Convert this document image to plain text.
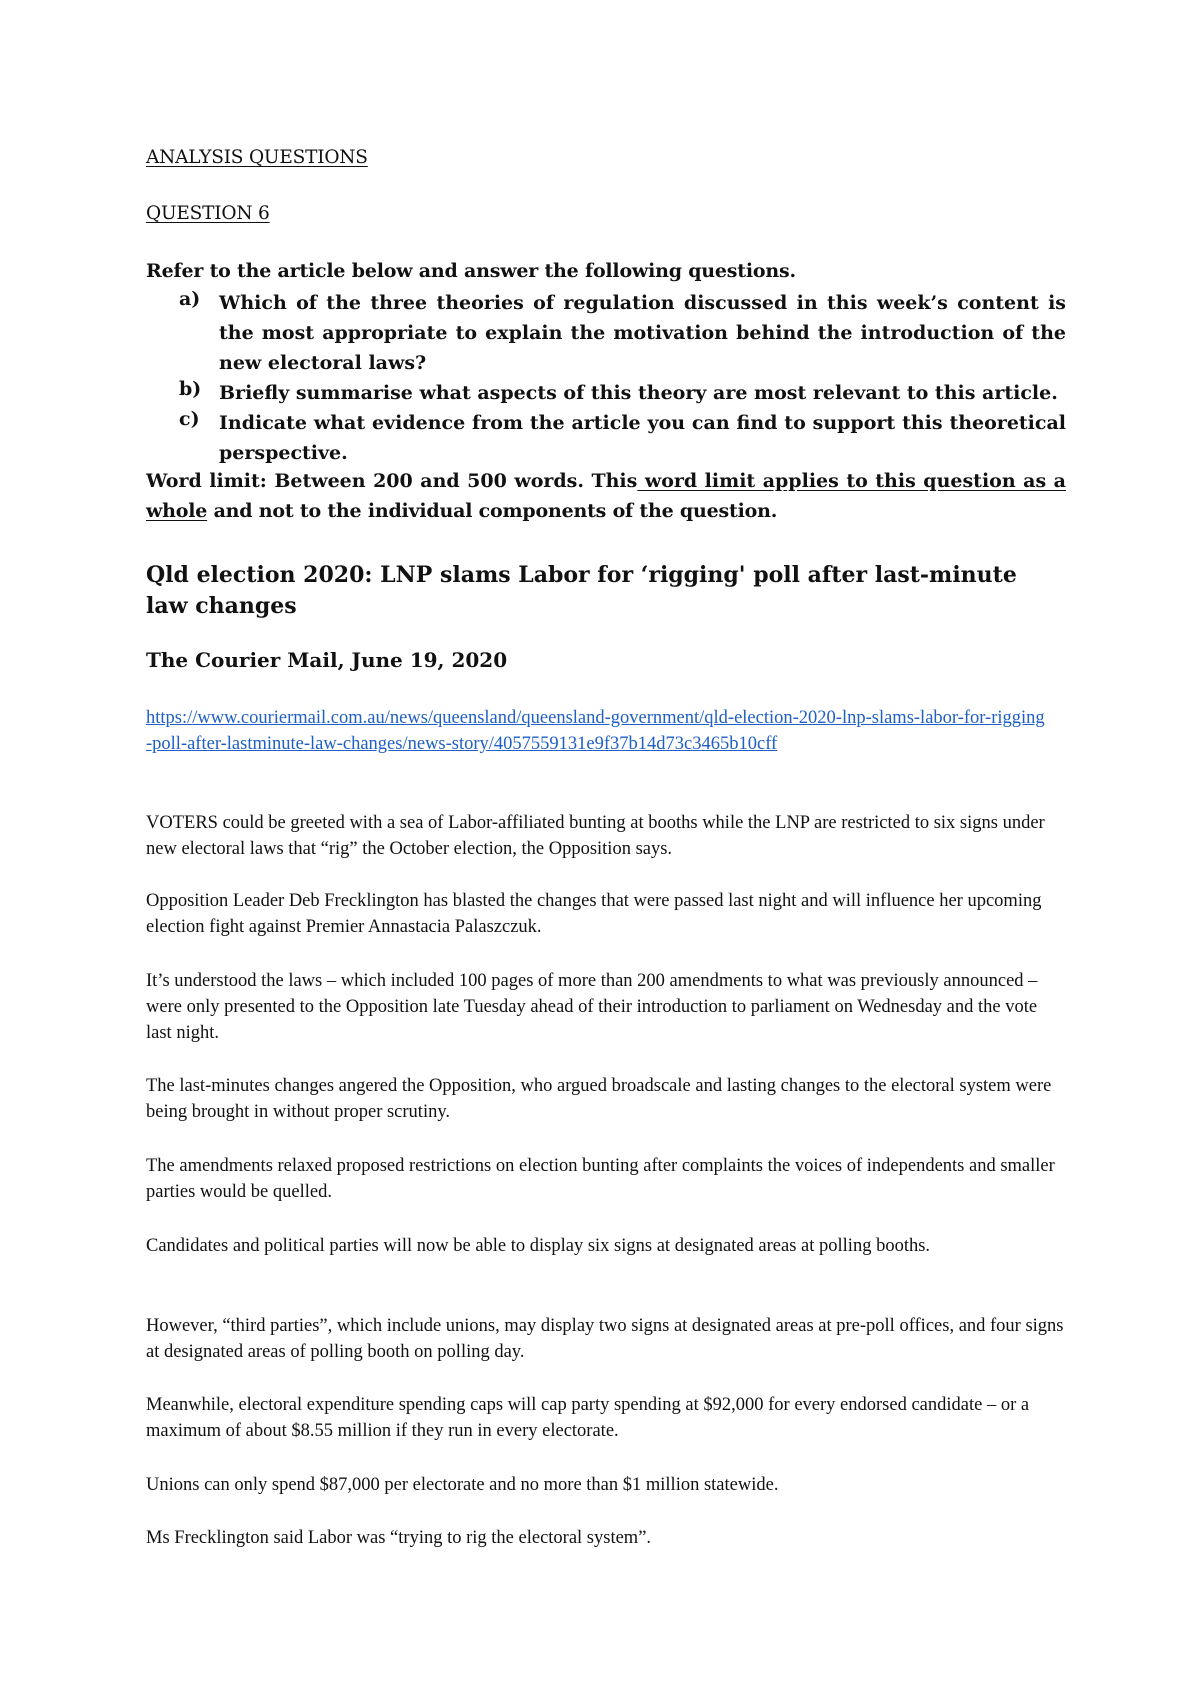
ANALYSIS QUESTIONS
QUESTION 6
Refer to the article below and answer the following questions.
a) Which of the three theories of regulation discussed in this week’s content is the most appropriate to explain the motivation behind the introduction of the new electoral laws?
b) Briefly summarise what aspects of this theory are most relevant to this article.
c) Indicate what evidence from the article you can find to support this theoretical perspective.
Word limit: Between 200 and 500 words. This word limit applies to this question as a
whole and not to the individual components of the question.
Qld election 2020: LNP slams Labor for ‘rigging' poll after last-minute law changes
The Courier Mail, June 19, 2020
https://www.couriermail.com.au/news/queensland/queensland-government/qld-election-2020-lnp-slams-labor-for-rigging-poll-after-lastminute-law-changes/news-story/4057559131e9f37b14d73c3465b10cff
VOTERS could be greeted with a sea of Labor-affiliated bunting at booths while the LNP are restricted to six signs under new electoral laws that “rig” the October election, the Opposition says.
Opposition Leader Deb Frecklington has blasted the changes that were passed last night and will influence her upcoming election fight against Premier Annastacia Palaszczuk.
It’s understood the laws – which included 100 pages of more than 200 amendments to what was previously announced – were only presented to the Opposition late Tuesday ahead of their introduction to parliament on Wednesday and the vote last night.
The last-minutes changes angered the Opposition, who argued broadscale and lasting changes to the electoral system were being brought in without proper scrutiny.
The amendments relaxed proposed restrictions on election bunting after complaints the voices of independents and smaller parties would be quelled.
Candidates and political parties will now be able to display six signs at designated areas at polling booths.
However, “third parties”, which include unions, may display two signs at designated areas at pre-poll offices, and four signs at designated areas of polling booth on polling day.
Meanwhile, electoral expenditure spending caps will cap party spending at $92,000 for every endorsed candidate – or a maximum of about $8.55 million if they run in every electorate.
Unions can only spend $87,000 per electorate and no more than $1 million statewide.
Ms Frecklington said Labor was “trying to rig the electoral system”.
